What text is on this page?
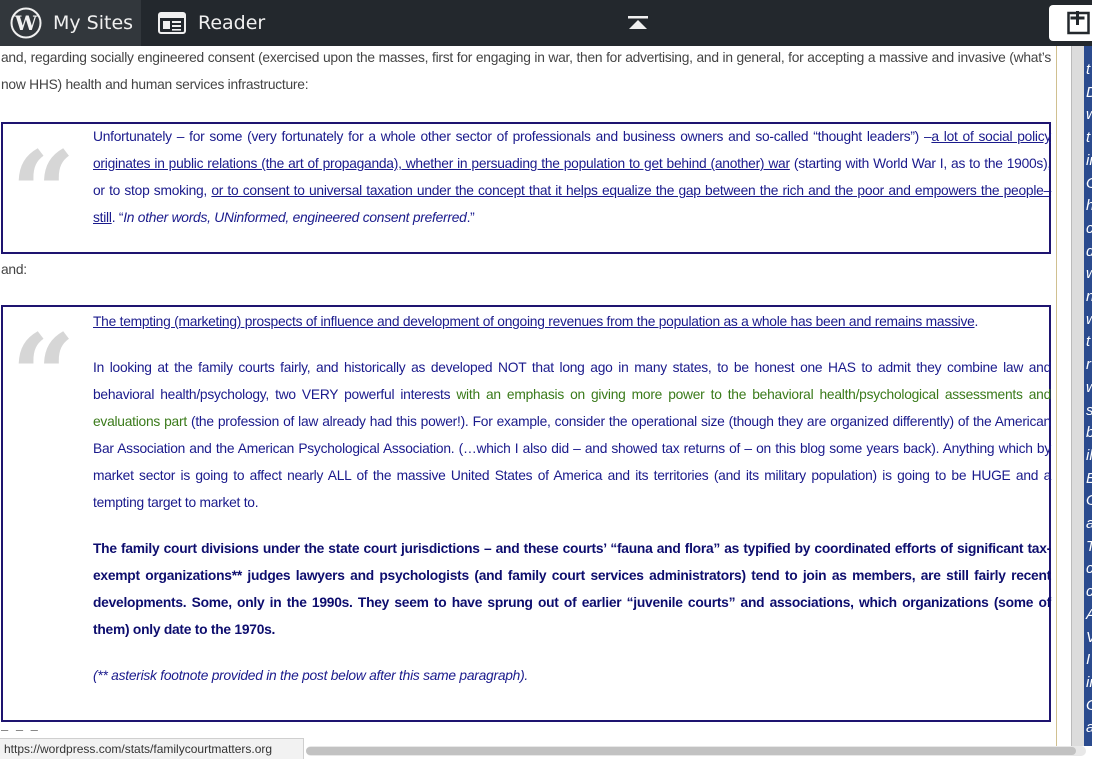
W My Sites	Reader
and, regarding socially engineered consent (exercised upon the masses, first for engaging in war, then for advertising, and in general, for accepting a massive and invasive (what’s now HHS) health and human services infrastructure:
“ Unfortunately – for some (very fortunately for a whole other sector of professionals and business owners and so-called “thought leaders”) –a lot of social policy originates in public relations (the art of propaganda), whether in persuading the population to get behind (another) war (starting with World War I, as to the 1900s), or to stop smoking, or to consent to universal taxation under the concept that it helps equalize the gap between the rich and the poor and empowers the people– still. “In other words, UNinformed, engineered consent preferred.”

and:
“ The tempting (marketing) prospects of influence and development of ongoing revenues from the population as a whole has been and remains massive.

In looking at the family courts fairly, and historically as developed NOT that long ago in many states, to be honest one HAS to admit they combine law and behavioral health/psychology, two VERY powerful interests with an emphasis on giving more power to the behavioral health/psychological assessments and evaluations part (the profession of law already had this power!). For example, consider the operational size (though they are organized differently) of the American Bar Association and the American Psychological Association. (…which I also did – and showed tax returns of – on this blog some years back). Anything which by market sector is going to affect nearly ALL of the massive United States of America and its territories (and its military population) is going to be HUGE and a tempting target to market to.

The family court divisions under the state court jurisdictions – and these courts’ “fauna and flora” as typified by coordinated efforts of significant tax-exempt organizations** judges lawyers and psychologists (and family court services administrators) tend to join as members, are still fairly recent developments. Some, only in the 1990s. They seem to have sprung out of earlier “juvenile courts” and associations, which organizations (some of them) only date to the 1970s.

(** asterisk footnote provided in the post below after this same paragraph).

– – –
t
D
w
t
ir
G
h
c
d
w
n
w
t
r
w
s
b
il
E
G
a
T
c
c
A
V
I
ir
G
a
https://wordpress.com/stats/familycourtmatters.org
